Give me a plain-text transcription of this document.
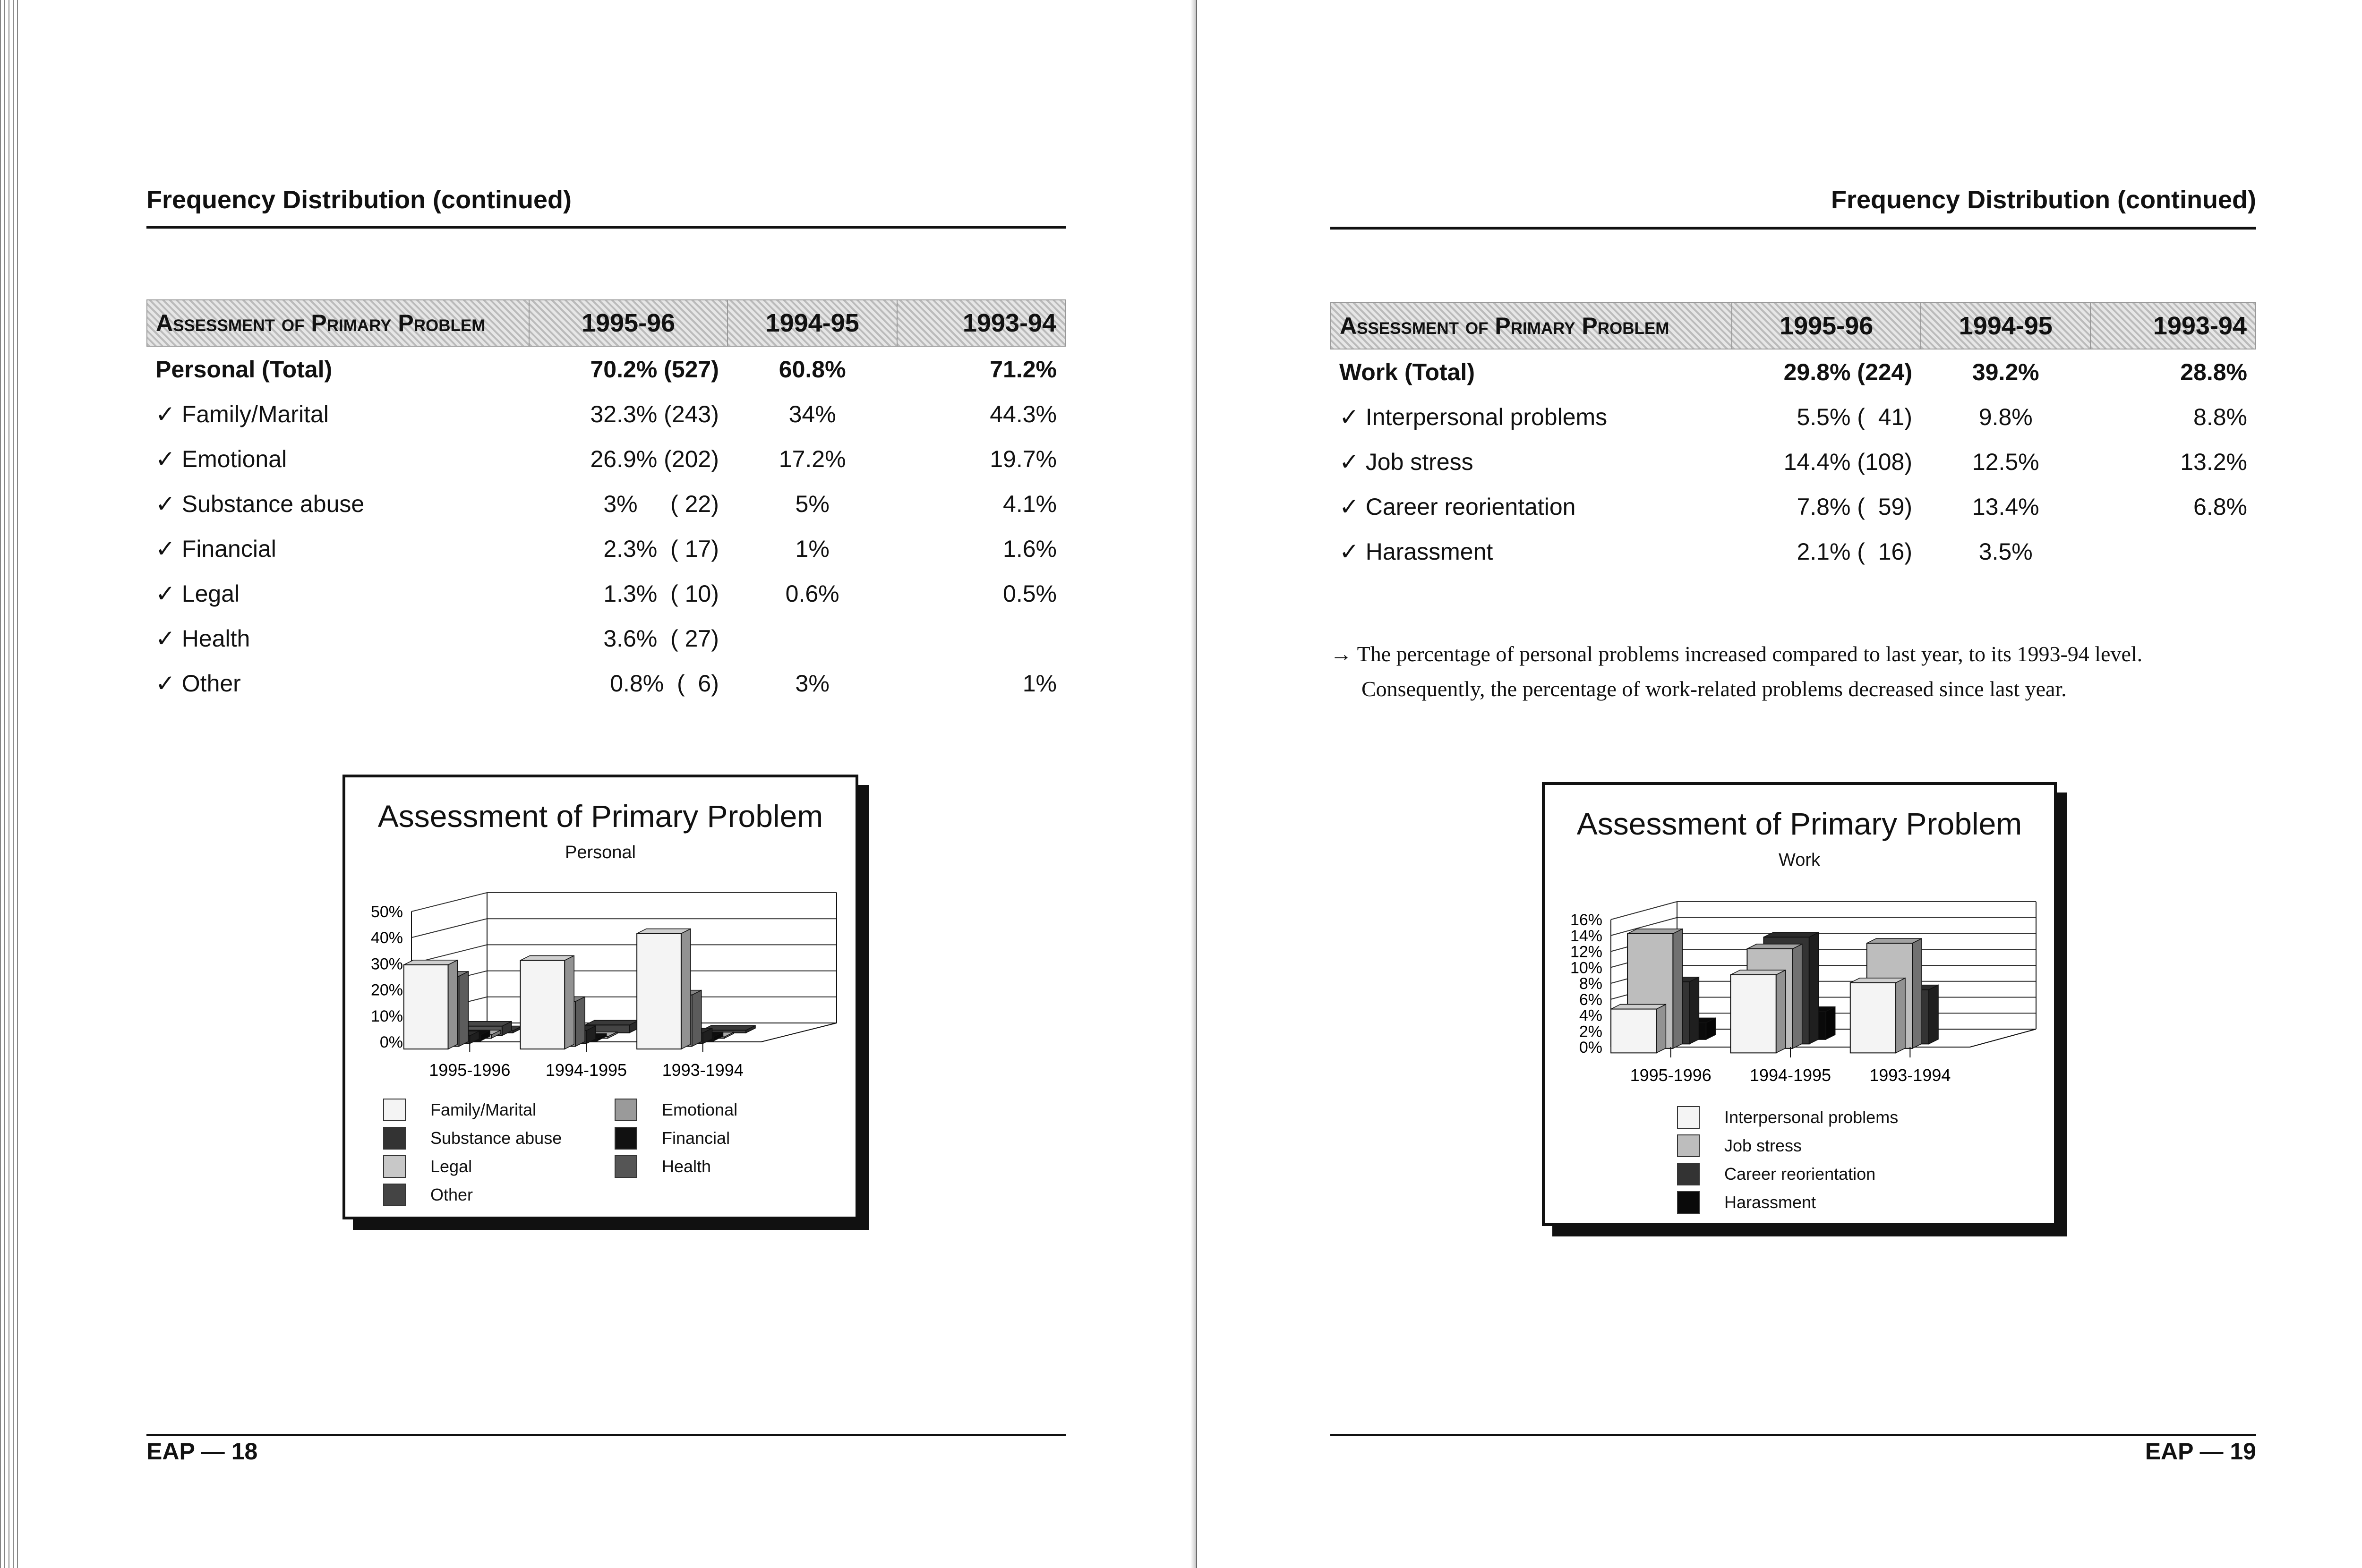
Frequency Distribution (continued)
Assessment of Primary Problem	1995-96	1994-95	1993-94
Personal (Total)	70.2% (527)	60.8%	71.2%
✓ Family/Marital	32.3% (243)	34%	44.3%
✓ Emotional	26.9% (202)	17.2%	19.7%
✓ Substance abuse	3%     ( 22)	5%	4.1%
✓ Financial	2.3%  ( 17)	1%	1.6%
✓ Legal	1.3%  ( 10)	0.6%	0.5%
✓ Health	3.6%  ( 27)		
✓ Other	0.8%  (  6)	3%	1%
Assessment of Primary Problem
Personal
0%
10%
20%
30%
40%
50%
1995-1996 1994-1995 1993-1994
Family/Marital	Emotional
Substance abuse	Financial
Legal	Health
Other
EAP — 18
Frequency Distribution (continued)
Assessment of Primary Problem	1995-96	1994-95	1993-94
Work (Total)	29.8% (224)	39.2%	28.8%
✓ Interpersonal problems	5.5% (  41)	9.8%	8.8%
✓ Job stress	14.4% (108)	12.5%	13.2%
✓ Career reorientation	7.8% (  59)	13.4%	6.8%
✓ Harassment	2.1% (  16)	3.5%	
→ The percentage of personal problems increased compared to last year, to its 1993-94 level.
Consequently, the percentage of work-related problems decreased since last year.
Assessment of Primary Problem
Work
0%
2%
4%
6%
8%
10%
12%
14%
16%
1995-1996 1994-1995 1993-1994
Interpersonal problems
Job stress
Career reorientation
Harassment
EAP — 19
